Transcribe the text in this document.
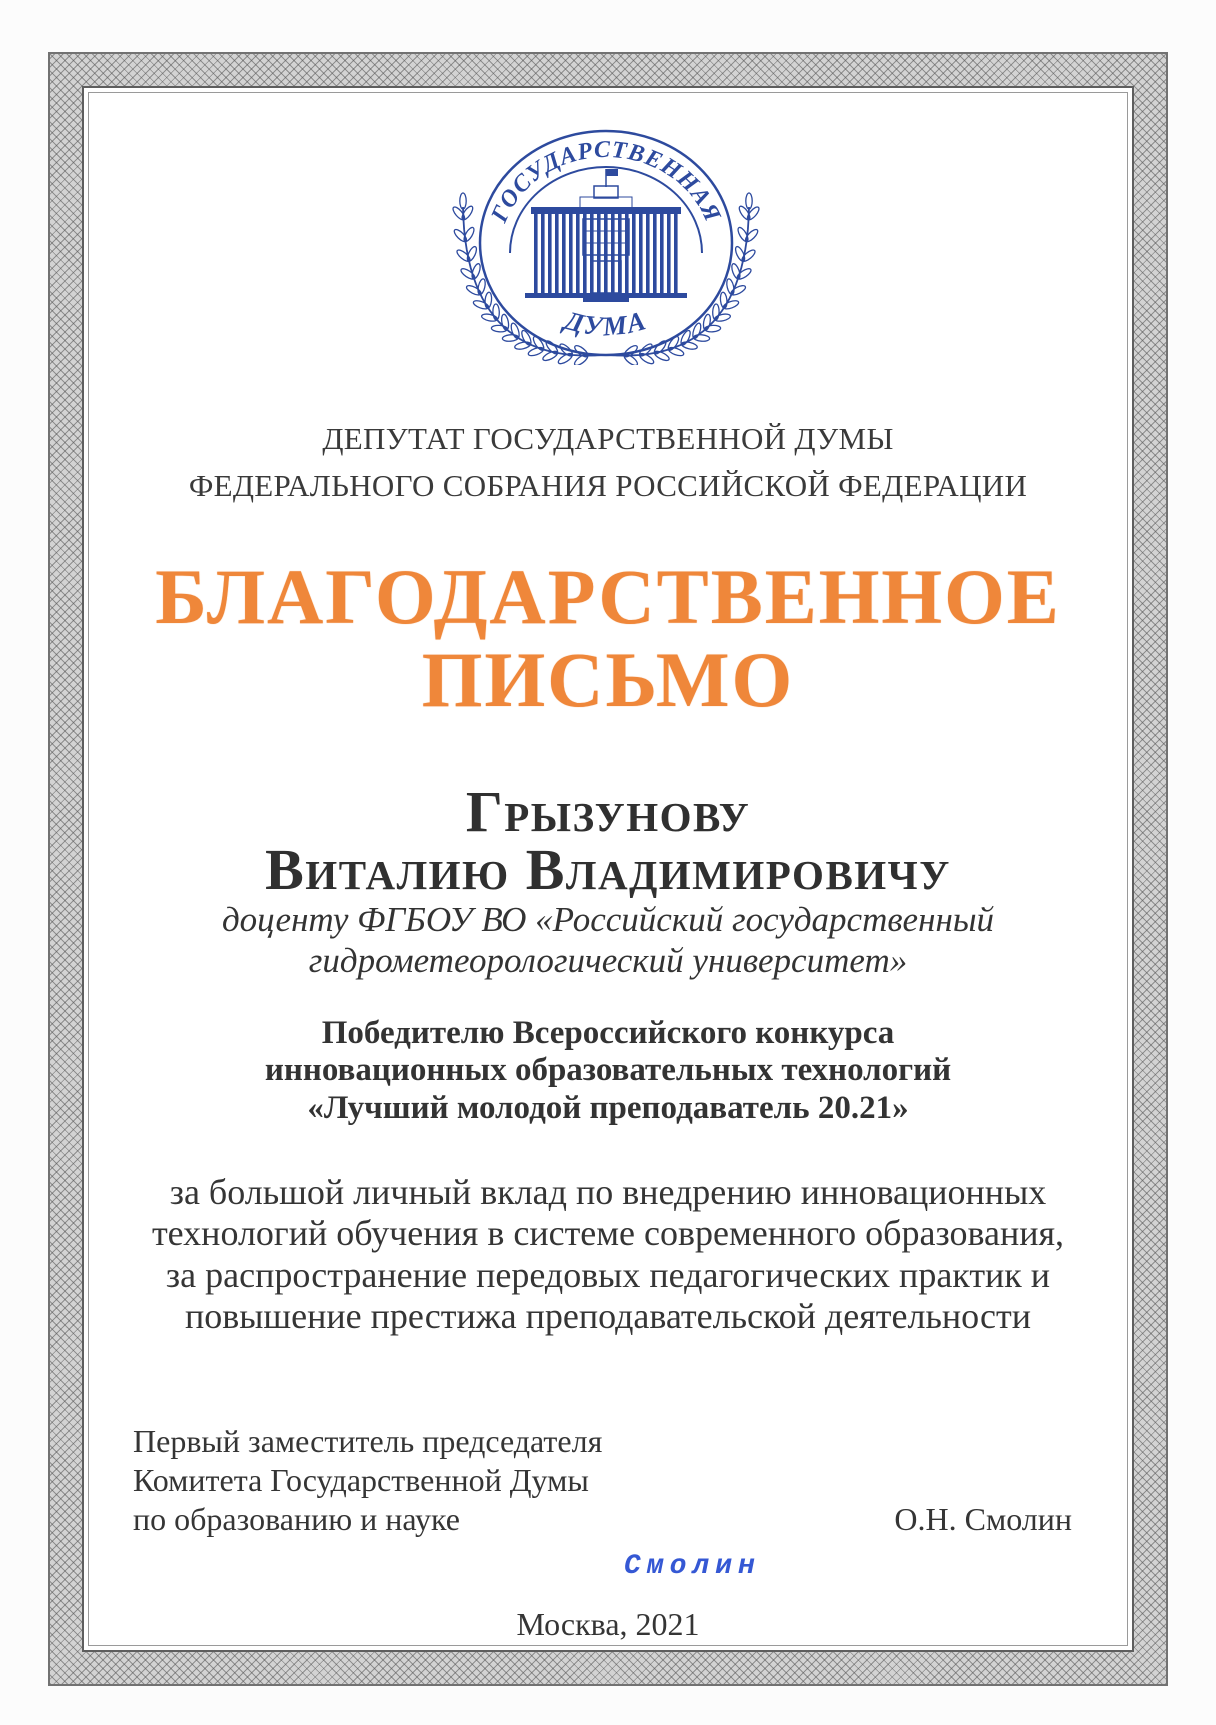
ГОСУДАРСТВЕННАЯ
ДУМА
ДЕПУТАТ ГОСУДАРСТВЕННОЙ ДУМЫ
ФЕДЕРАЛЬНОГО СОБРАНИЯ РОССИЙСКОЙ ФЕДЕРАЦИИ
БЛАГОДАРСТВЕННОЕ
ПИСЬМО
Грызунову
Виталию Владимировичу
доценту ФГБОУ ВО «Российский государственный
гидрометеорологический университет»
Победителю Всероссийского конкурса
инновационных образовательных технологий
«Лучший молодой преподаватель 20.21»
за большой личный вклад по внедрению инновационных
технологий обучения в системе современного образования,
за распространение передовых педагогических практик и
повышение престижа преподавательской деятельности
Первый заместитель председателя
Комитета Государственной Думы
по образованию и науке	О.Н. Смолин
Смолин
Москва, 2021
